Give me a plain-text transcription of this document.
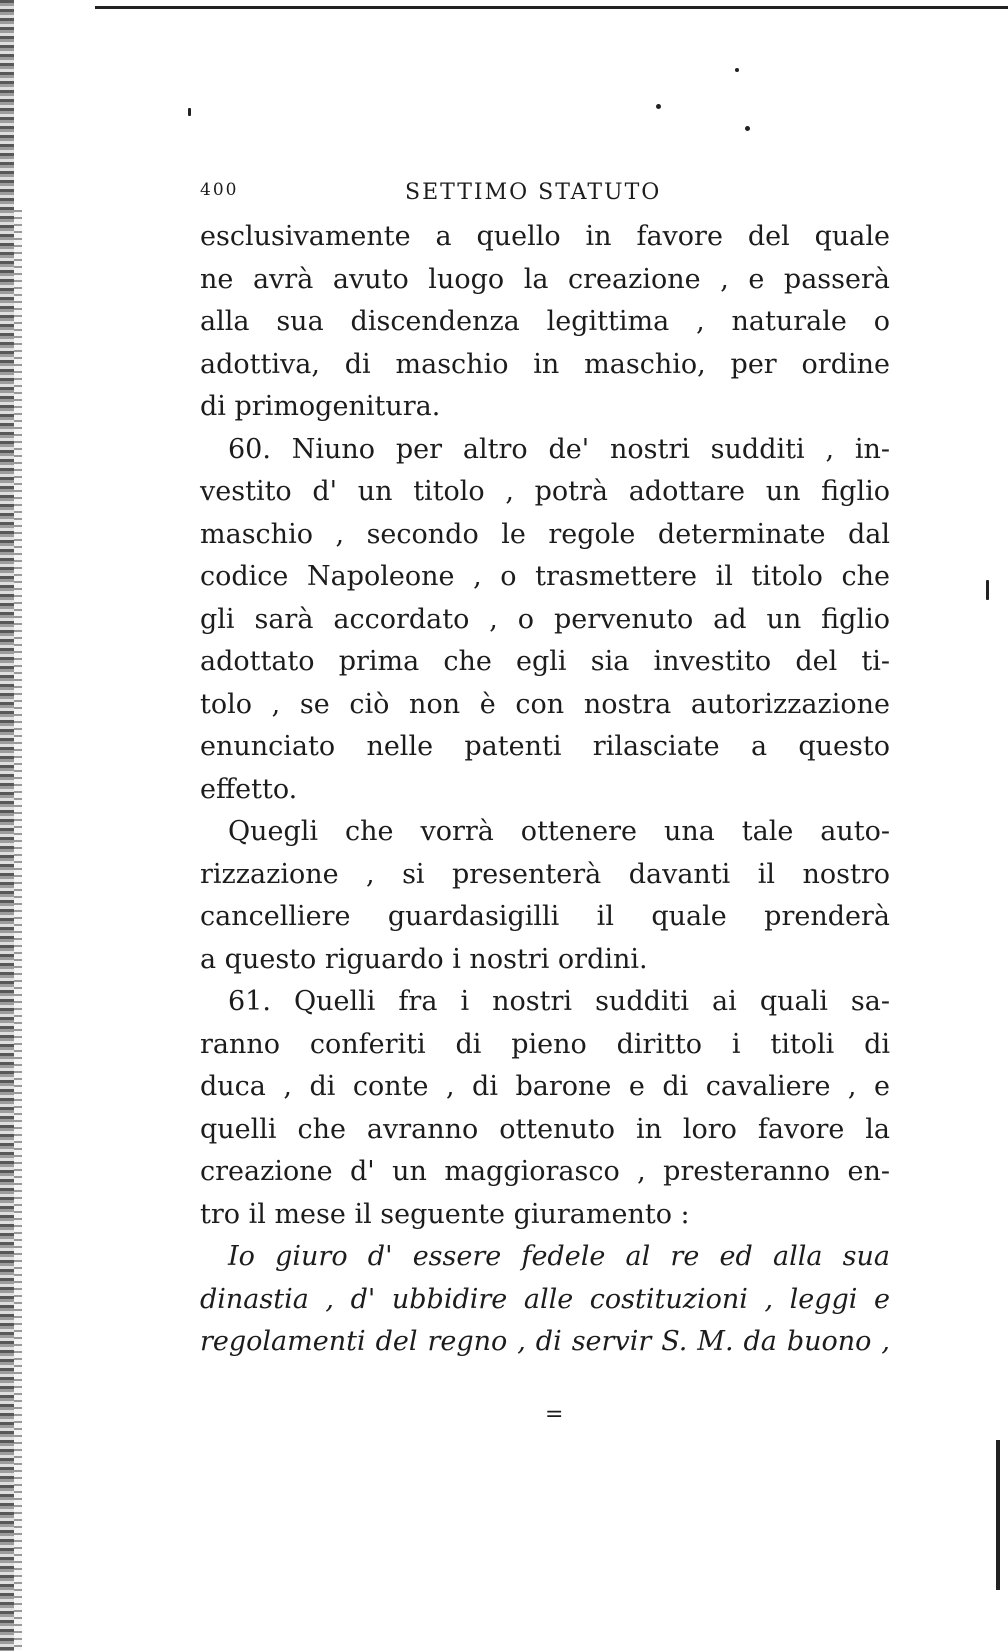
400	SETTIMO STATUTO
esclusivamente a quello in favore del quale
ne avrà avuto luogo la creazione , e passerà
alla sua discendenza legittima , naturale o
adottiva, di maschio in maschio, per ordine
di primogenitura.
60. Niuno per altro de' nostri sudditi , in-
vestito d' un titolo , potrà adottare un figlio
maschio , secondo le regole determinate dal
codice Napoleone , o trasmettere il titolo che
gli sarà accordato , o pervenuto ad un figlio
adottato prima che egli sia investito del ti-
tolo , se ciò non è con nostra autorizzazione
enunciato nelle patenti rilasciate a questo
effetto.
Quegli che vorrà ottenere una tale auto-
rizzazione , si presenterà davanti il nostro
cancelliere guardasigilli il quale prenderà
a questo riguardo i nostri ordini.
61. Quelli fra i nostri sudditi ai quali sa-
ranno conferiti di pieno diritto i titoli di
duca , di conte , di barone e di cavaliere , e
quelli che avranno ottenuto in loro favore la
creazione d' un maggiorasco , presteranno en-
tro il mese il seguente giuramento :
Io giuro d' essere fedele al re ed alla sua
dinastia , d' ubbidire alle costituzioni , leggi e
regolamenti del regno , di servir S. M. da buono ,
=
